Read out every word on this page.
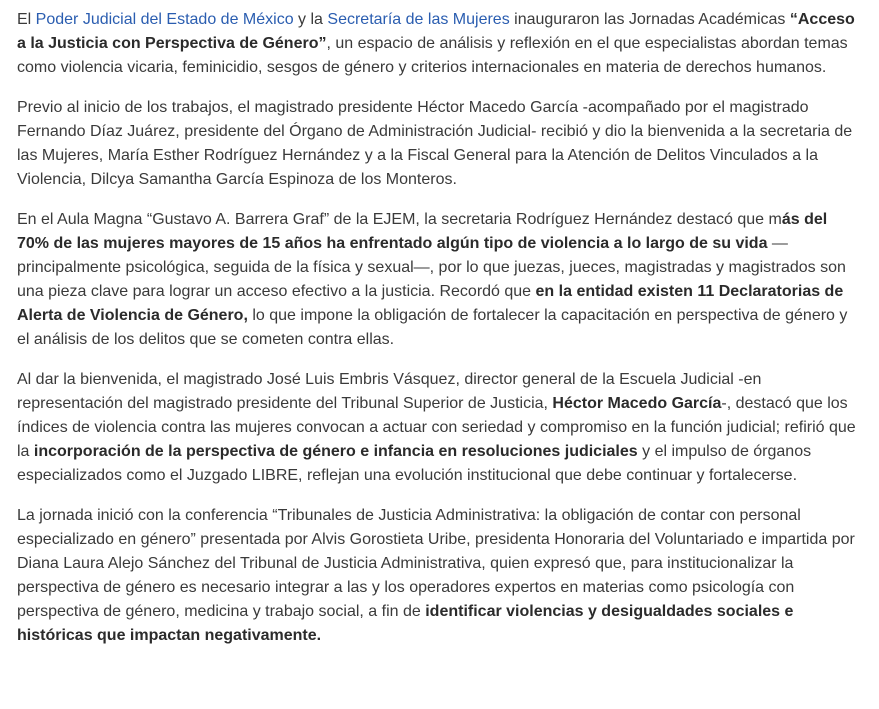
El Poder Judicial del Estado de México y la Secretaría de las Mujeres inauguraron las Jornadas Académicas “Acceso a la Justicia con Perspectiva de Género”, un espacio de análisis y reflexión en el que especialistas abordan temas como violencia vicaria, feminicidio, sesgos de género y criterios internacionales en materia de derechos humanos.

Previo al inicio de los trabajos, el magistrado presidente Héctor Macedo García -acompañado por el magistrado Fernando Díaz Juárez, presidente del Órgano de Administración Judicial- recibió y dio la bienvenida a la secretaria de las Mujeres, María Esther Rodríguez Hernández y a la Fiscal General para la Atención de Delitos Vinculados a la Violencia, Dilcya Samantha García Espinoza de los Monteros.

En el Aula Magna “Gustavo A. Barrera Graf” de la EJEM, la secretaria Rodríguez Hernández destacó que más del 70% de las mujeres mayores de 15 años ha enfrentado algún tipo de violencia a lo largo de su vida —principalmente psicológica, seguida de la física y sexual—, por lo que juezas, jueces, magistradas y magistrados son una pieza clave para lograr un acceso efectivo a la justicia. Recordó que en la entidad existen 11 Declaratorias de Alerta de Violencia de Género, lo que impone la obligación de fortalecer la capacitación en perspectiva de género y el análisis de los delitos que se cometen contra ellas.

Al dar la bienvenida, el magistrado José Luis Embris Vásquez, director general de la Escuela Judicial -en representación del magistrado presidente del Tribunal Superior de Justicia, Héctor Macedo García-, destacó que los índices de violencia contra las mujeres convocan a actuar con seriedad y compromiso en la función judicial; refirió que la incorporación de la perspectiva de género e infancia en resoluciones judiciales y el impulso de órganos especializados como el Juzgado LIBRE, reflejan una evolución institucional que debe continuar y fortalecerse.

La jornada inició con la conferencia “Tribunales de Justicia Administrativa: la obligación de contar con personal especializado en género” presentada por Alvis Gorostieta Uribe, presidenta Honoraria del Voluntariado e impartida por Diana Laura Alejo Sánchez del Tribunal de Justicia Administrativa, quien expresó que, para institucionalizar la perspectiva de género es necesario integrar a las y los operadores expertos en materias como psicología con perspectiva de género, medicina y trabajo social, a fin de identificar violencias y desigualdades sociales e históricas que impactan negativamente.
